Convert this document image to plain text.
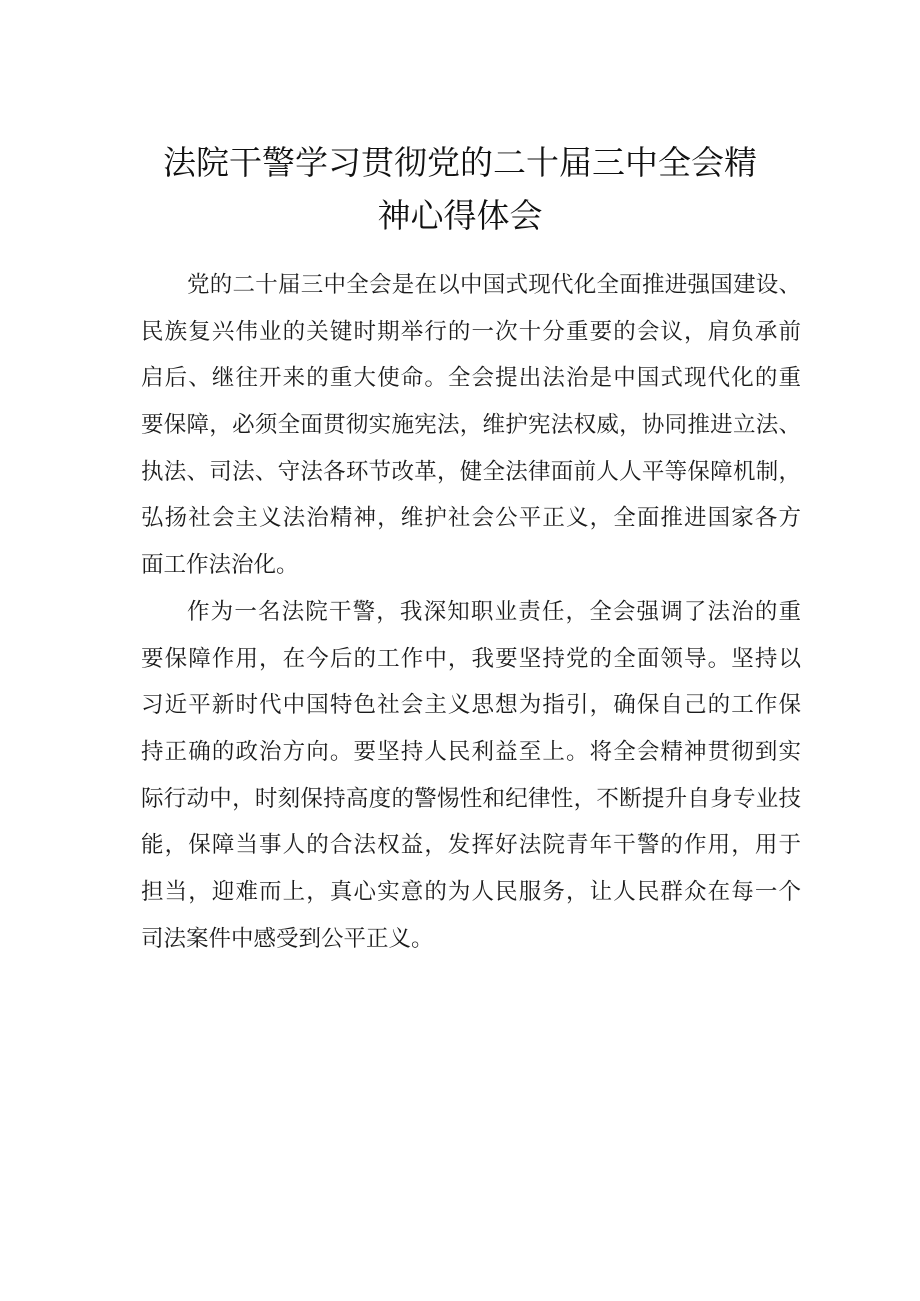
法院干警学习贯彻党的二十届三中全会精
神心得体会
党的二十届三中全会是在以中国式现代化全面推进强国建设、
民族复兴伟业的关键时期举行的一次十分重要的会议，肩负承前
启后、继往开来的重大使命。全会提出法治是中国式现代化的重
要保障，必须全面贯彻实施宪法，维护宪法权威，协同推进立法、
执法、司法、守法各环节改革，健全法律面前人人平等保障机制，
弘扬社会主义法治精神，维护社会公平正义，全面推进国家各方
面工作法治化。
作为一名法院干警，我深知职业责任，全会强调了法治的重
要保障作用，在今后的工作中，我要坚持党的全面领导。坚持以
习近平新时代中国特色社会主义思想为指引，确保自己的工作保
持正确的政治方向。要坚持人民利益至上。将全会精神贯彻到实
际行动中，时刻保持高度的警惕性和纪律性，不断提升自身专业技
能，保障当事人的合法权益，发挥好法院青年干警的作用，用于
担当，迎难而上，真心实意的为人民服务，让人民群众在每一个
司法案件中感受到公平正义。
